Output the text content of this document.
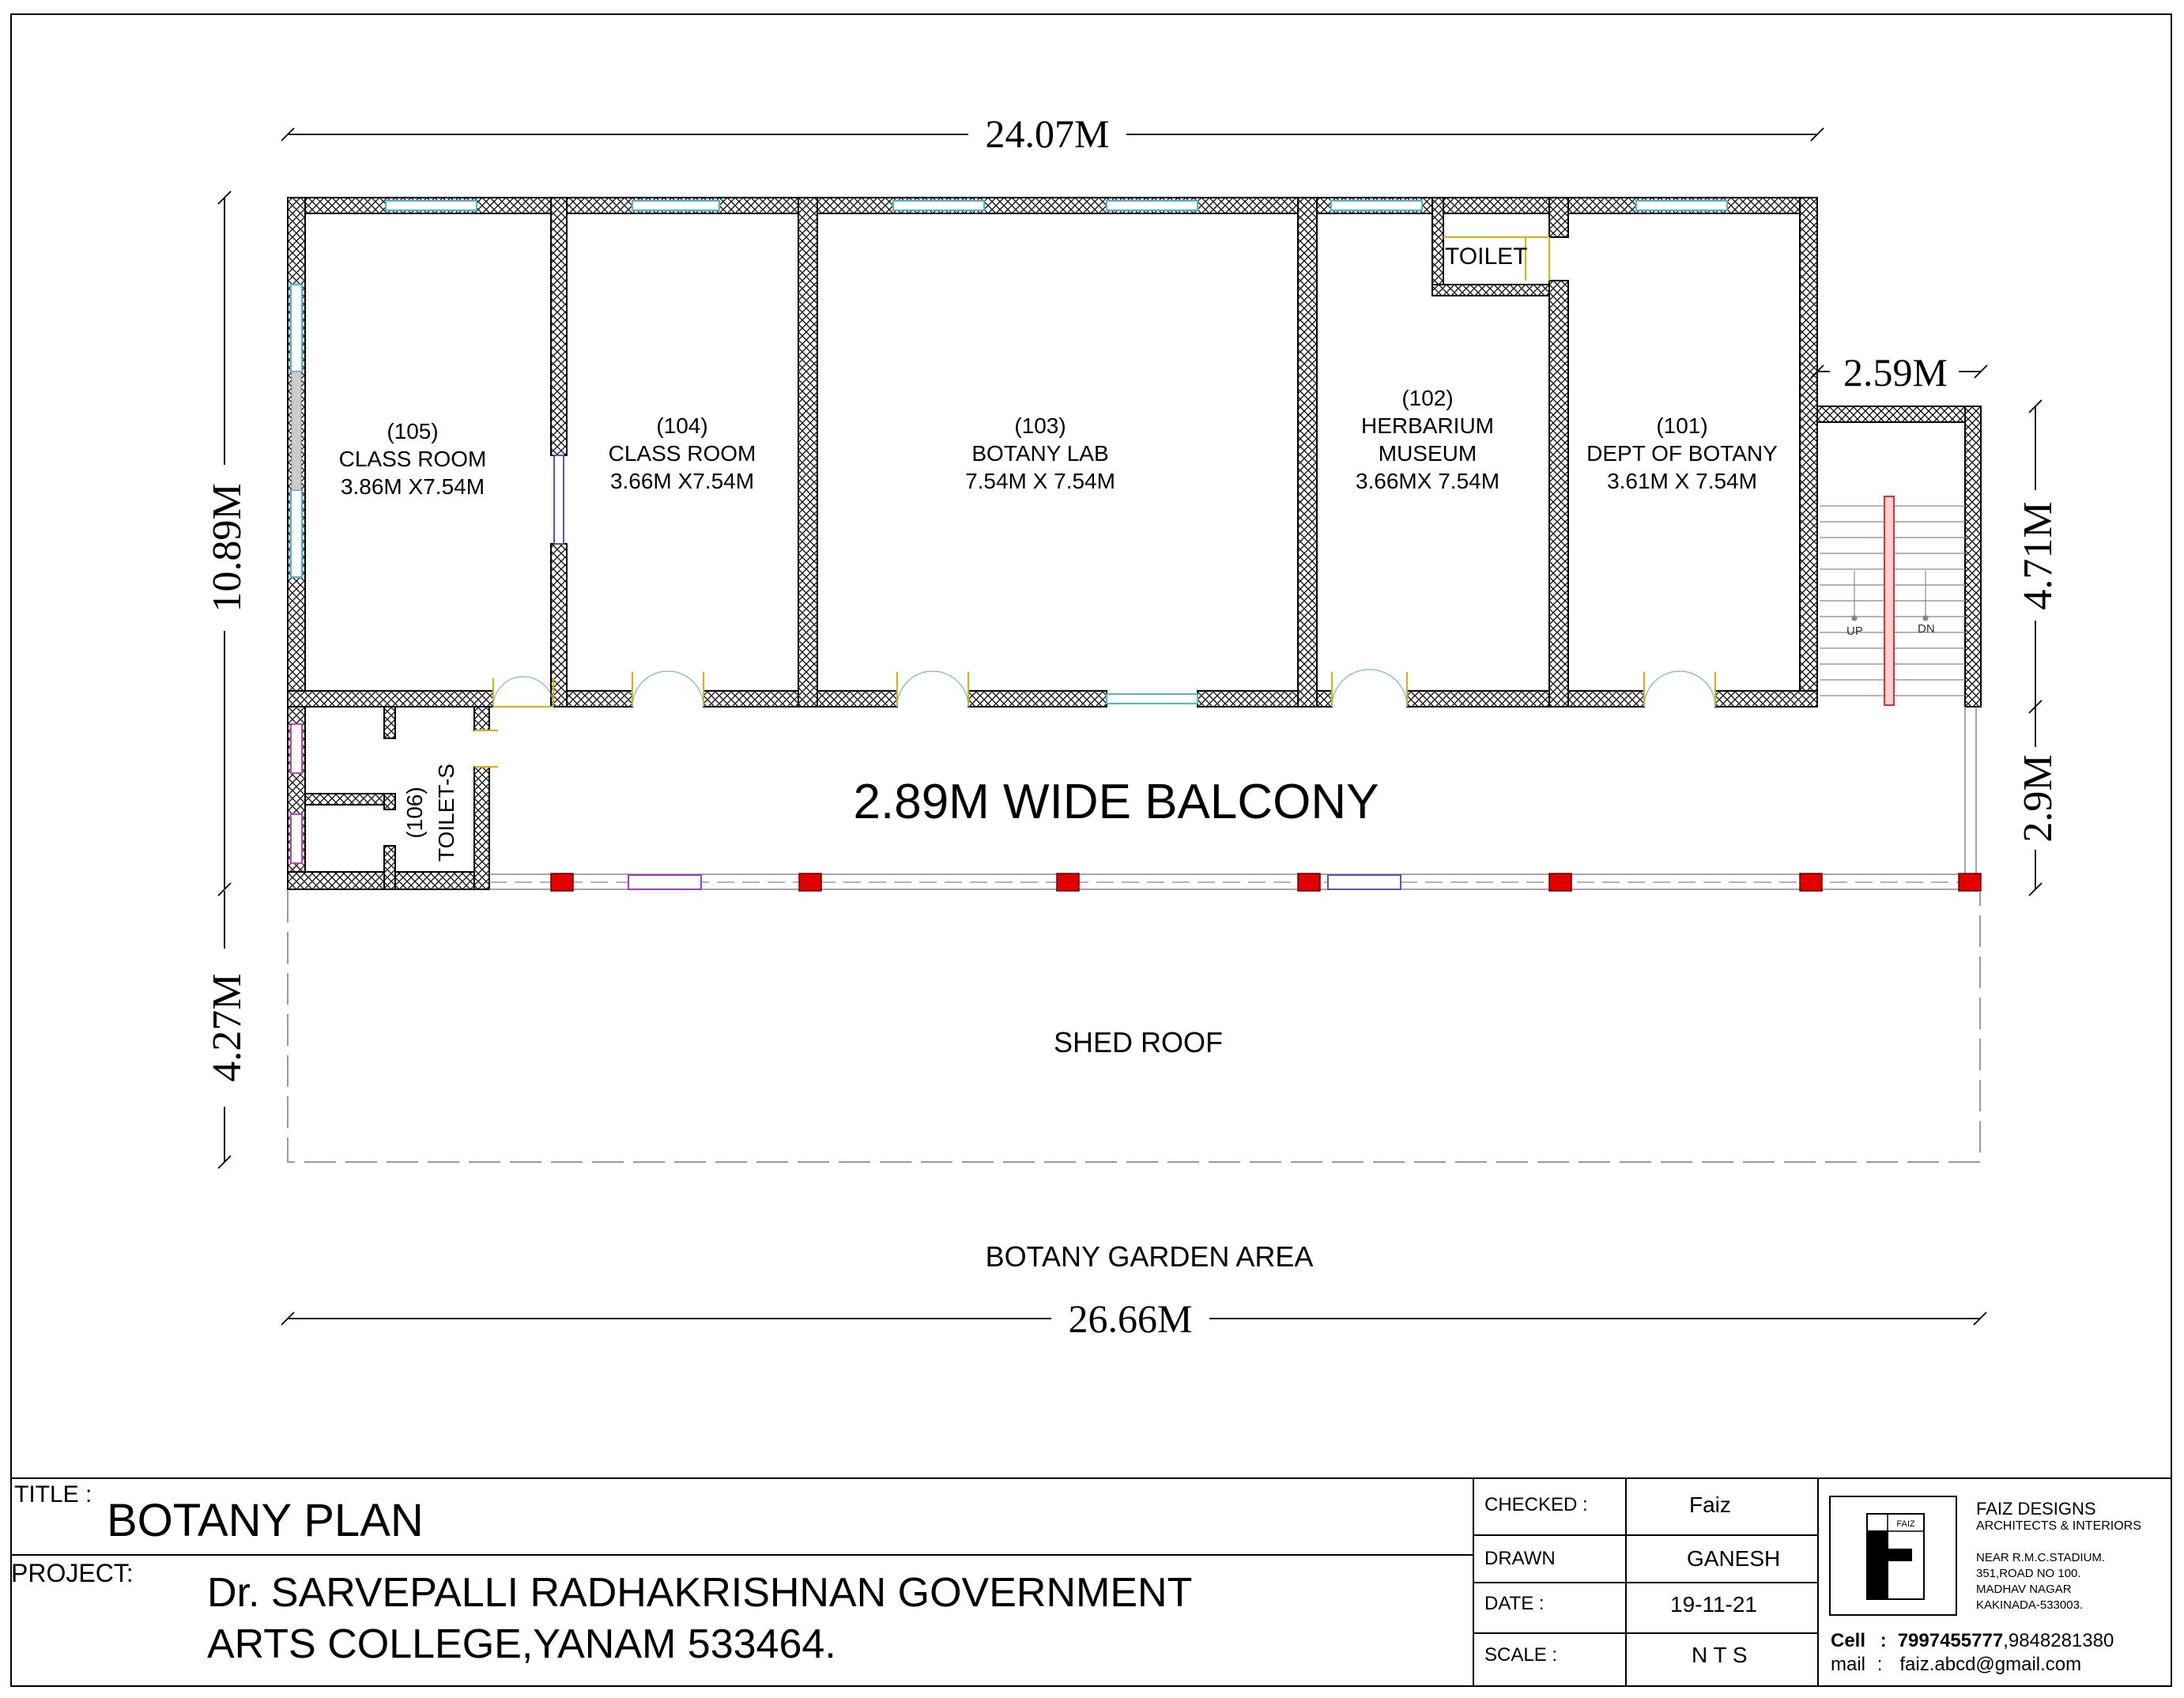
UP	DN
24.07M
10.89M
4.27M
26.66M
2.59M
4.71M
2.9M
(105)
CLASS ROOM
3.86M X7.54M
(104)
CLASS ROOM
3.66M X7.54M
(103)
BOTANY LAB
7.54M X 7.54M
(102)
HERBARIUM
MUSEUM
3.66MX 7.54M
(101)
DEPT OF BOTANY
3.61M X 7.54M
TOILET
(106) TOILET-S	2.89M WIDE BALCONY
SHED ROOF
BOTANY GARDEN AREA
FAIZ
TITLE :
BOTANY PLAN
PROJECT: Dr. SARVEPALLI RADHAKRISHNAN GOVERNMENT
ARTS COLLEGE,YANAM 533464.
CHECKED :	Faiz
DRAWN	GANESH
DATE :	19-11-21
SCALE :	N T S
FAIZ DESIGNS
ARCHITECTS & INTERIORS
NEAR R.M.C.STADIUM.
351,ROAD NO 100.
MADHAV NAGAR
KAKINADA-533003.
Cell : 7997455777,9848281380
mail : faiz.abcd@gmail.com
